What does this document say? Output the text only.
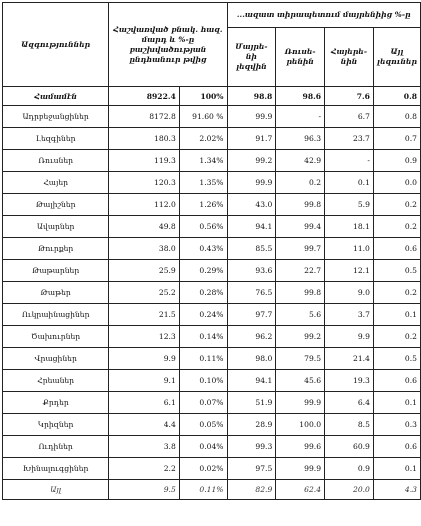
Ազգություններ	Հաշվառված բնակ. հազ. մարդ և %-ը բաշխվածության ընդհանուր թվից		...ազատ տիրապետում մայրենիից %-ը			
			Մայրե-նի լեզվին	Ռուսե-րենին	Հայերե-նին	Այլ լեզուներ
Համամէն	8922.4	100%	98.8	98.6	7.6	0.8
Ադրբեջանցիներ	8172.8	91.60 %	99.9	-	6.7	0.8
Լեզգիներ	180.3	2.02%	91.7	96.3	23.7	0.7
Ռուսներ	119.3	1.34%	99.2	42.9	-	0.9
Հայեր	120.3	1.35%	99.9	0.2	0.1	0.0
Թալիշներ	112.0	1.26%	43.0	99.8	5.9	0.2
Ավարներ	49.8	0.56%	94.1	99.4	18.1	0.2
Թուրքեր	38.0	0.43%	85.5	99.7	11.0	0.6
Թաթարներ	25.9	0.29%	93.6	22.7	12.1	0.5
Թաթեր	25.2	0.28%	76.5	99.8	9.0	0.2
Ուկրաինացիներ	21.5	0.24%	97.7	5.6	3.7	0.1
Ծախուրներ	12.3	0.14%	96.2	99.2	9.9	0.2
Վրացիներ	9.9	0.11%	98.0	79.5	21.4	0.5
Հրեաներ	9.1	0.10%	94.1	45.6	19.3	0.6
Քրդեր	6.1	0.07%	51.9	99.9	6.4	0.1
Կրիզներ	4.4	0.05%	28.9	100.0	8.5	0.3
Ուդիներ	3.8	0.04%	99.3	99.6	60.9	0.6
Խինալուգցիներ	2.2	0.02%	97.5	99.9	0.9	0.1
Այլ	9.5	0.11%	82.9	62.4	20.0	4.3
